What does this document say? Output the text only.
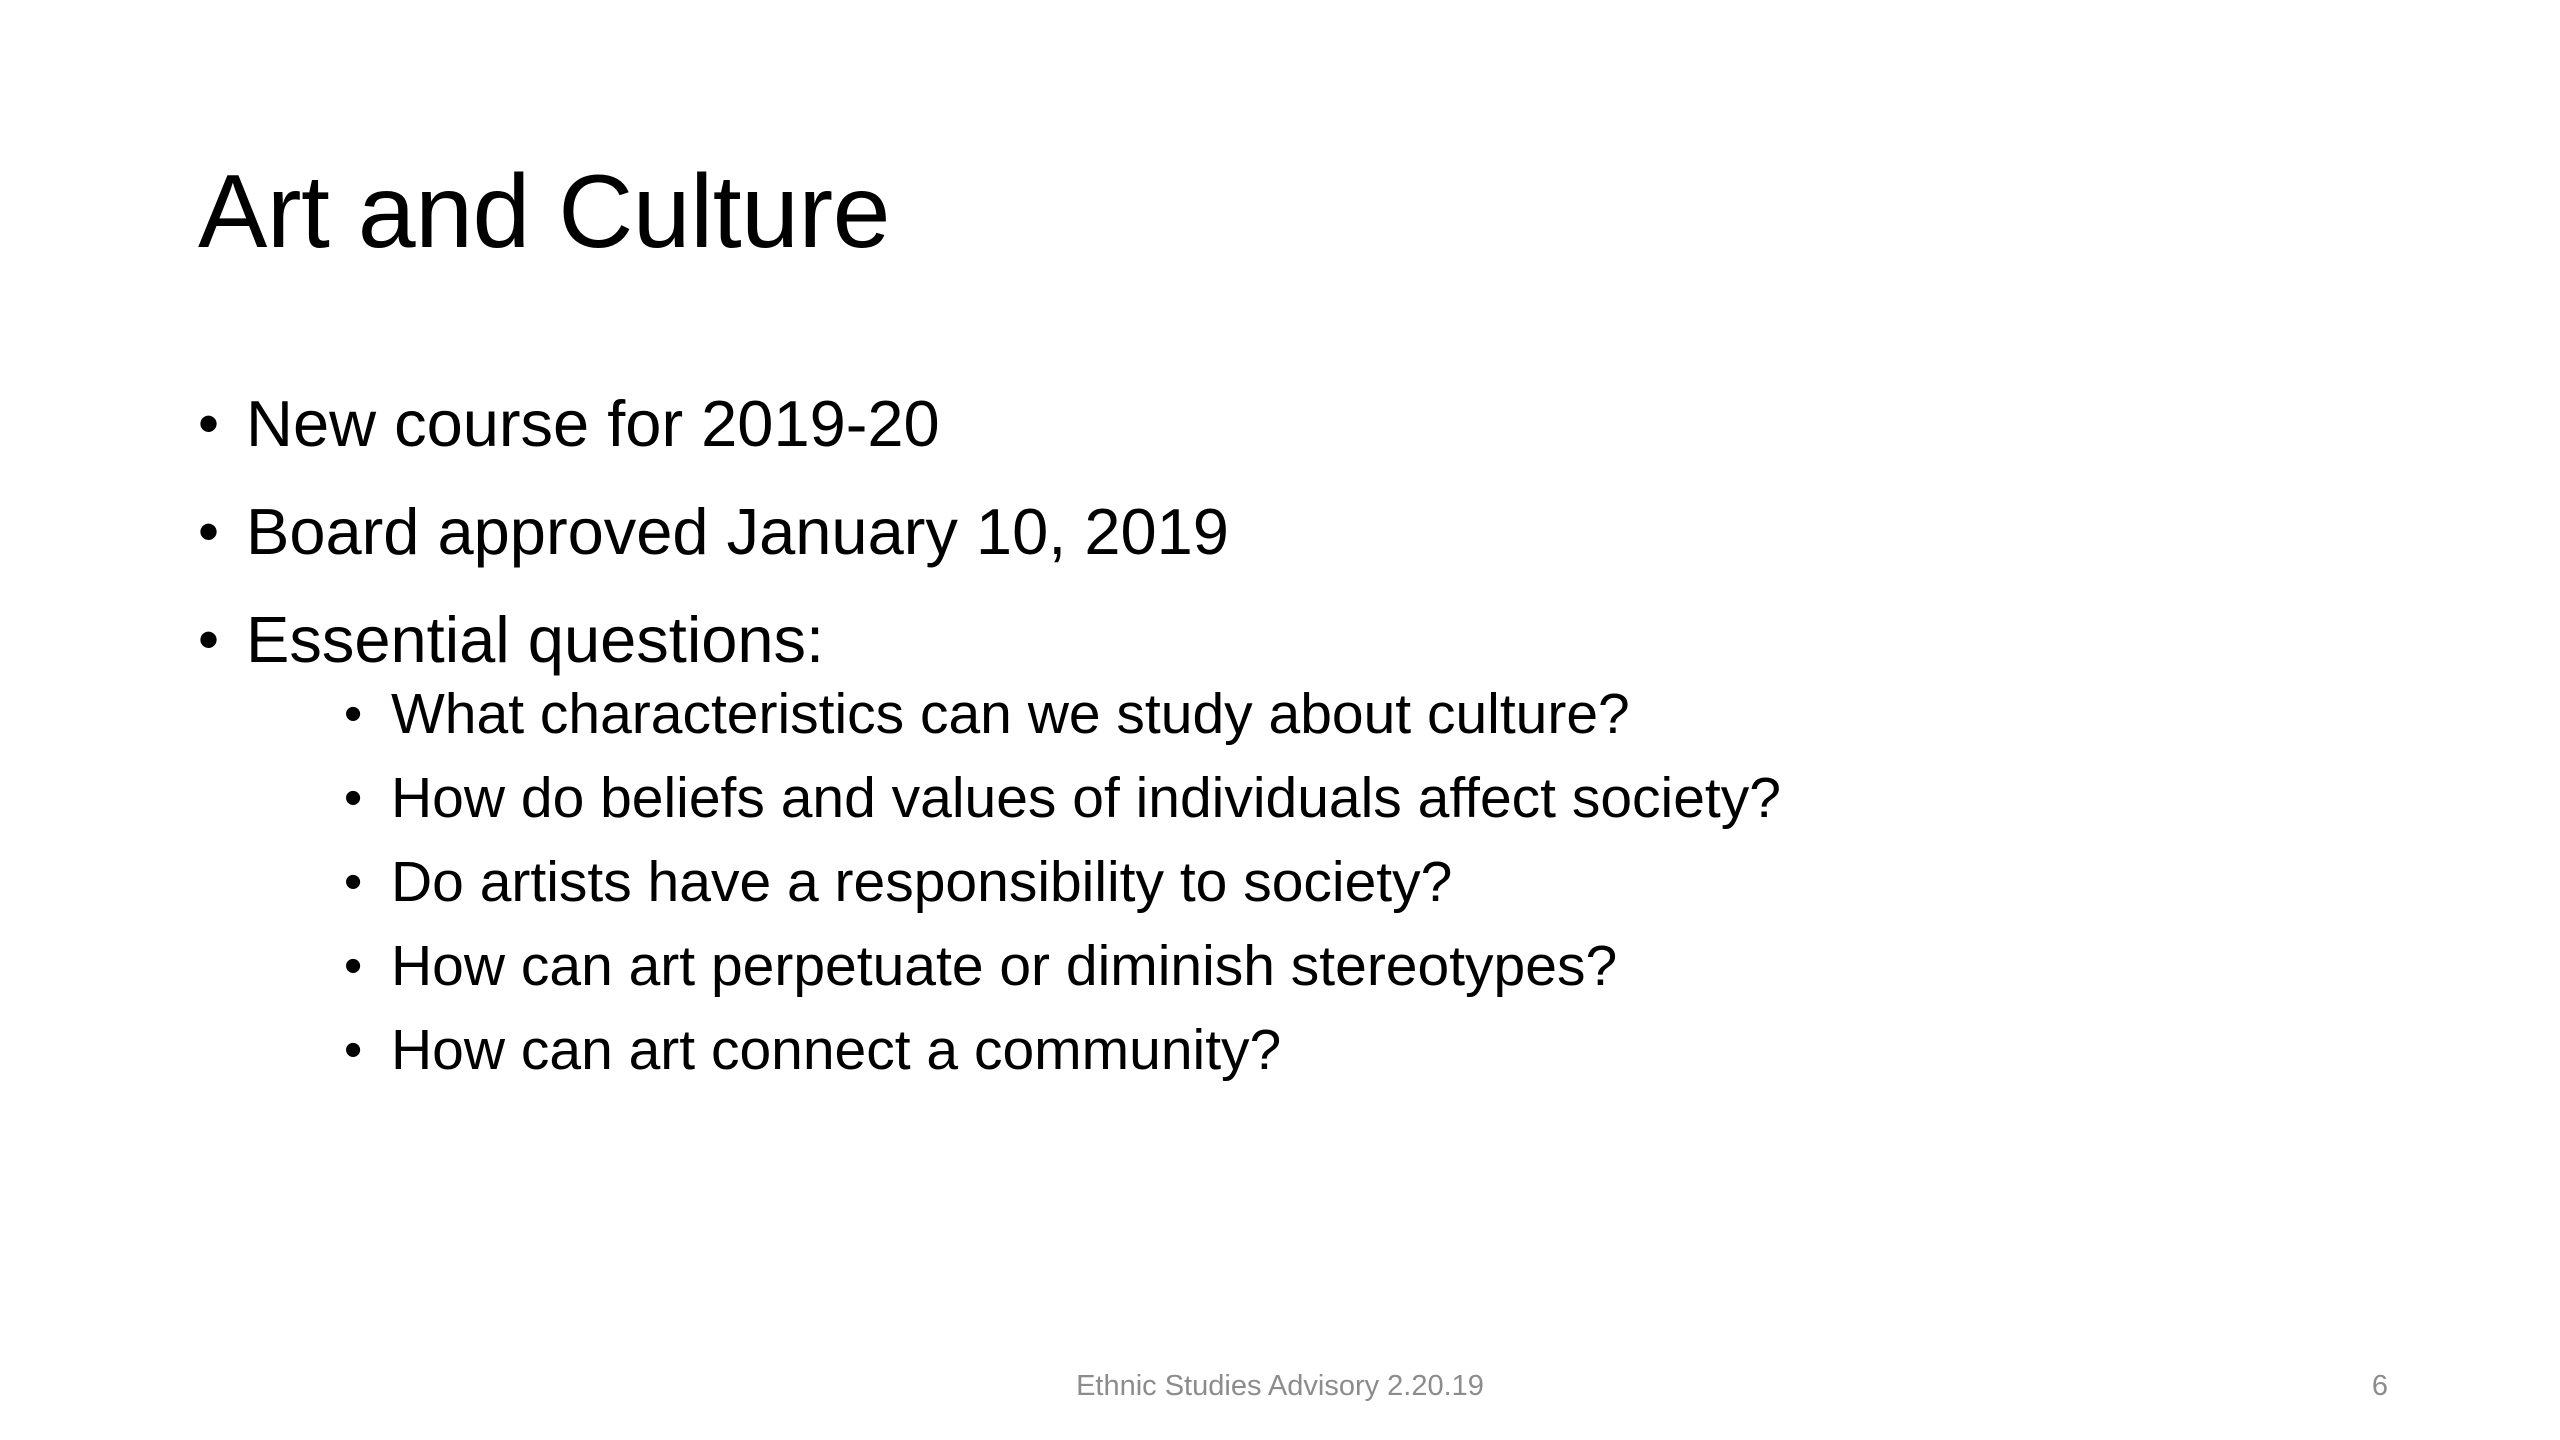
Art and Culture
• New course for 2019-20
• Board approved January 10, 2019
• Essential questions:
• What characteristics can we study about culture?
• How do beliefs and values of individuals affect society?
• Do artists have a responsibility to society?
• How can art perpetuate or diminish stereotypes?
• How can art connect a community?
Ethnic Studies Advisory 2.20.19	6
